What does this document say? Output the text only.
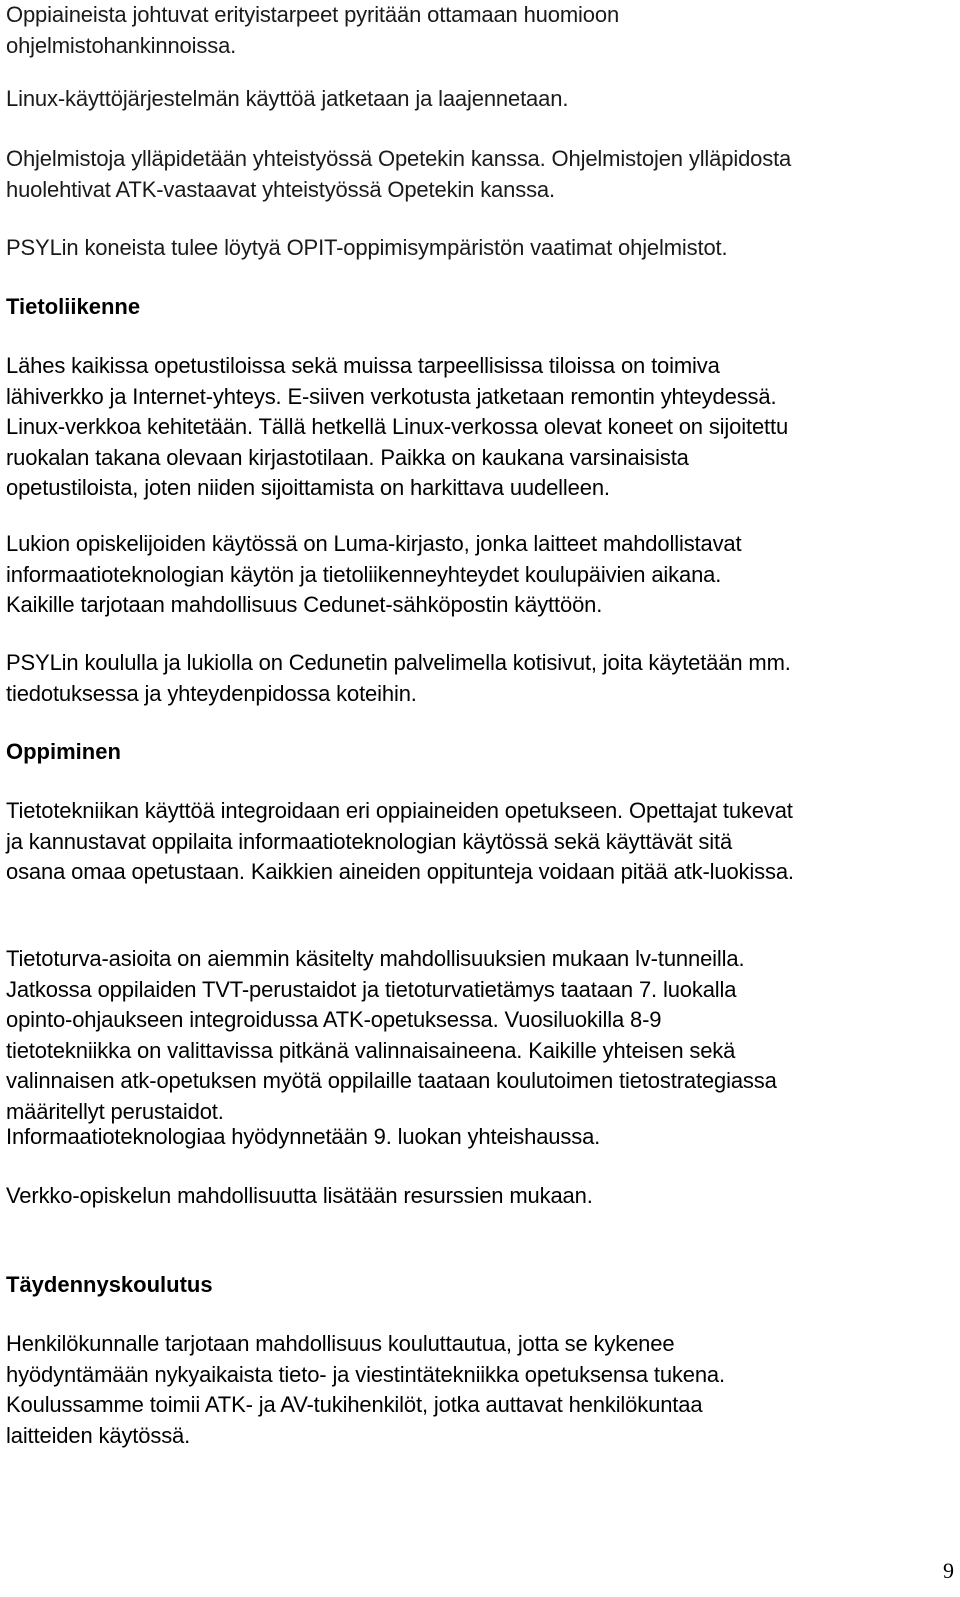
Oppiaineista johtuvat erityistarpeet pyritään ottamaan huomioon
ohjelmistohankinnoissa.
Linux-käyttöjärjestelmän käyttöä jatketaan ja laajennetaan.
Ohjelmistoja ylläpidetään yhteistyössä Opetekin kanssa. Ohjelmistojen ylläpidosta
huolehtivat ATK-vastaavat yhteistyössä Opetekin kanssa.
PSYLin koneista tulee löytyä OPIT-oppimisympäristön vaatimat ohjelmistot.
Tietoliikenne
Lähes kaikissa opetustiloissa sekä muissa tarpeellisissa tiloissa on toimiva
lähiverkko ja Internet-yhteys. E-siiven verkotusta jatketaan remontin yhteydessä.
Linux-verkkoa kehitetään. Tällä hetkellä Linux-verkossa olevat koneet on sijoitettu
ruokalan takana olevaan kirjastotilaan. Paikka on kaukana varsinaisista
opetustiloista, joten niiden sijoittamista on harkittava uudelleen.
Lukion opiskelijoiden käytössä on Luma-kirjasto, jonka laitteet mahdollistavat
informaatioteknologian käytön ja tietoliikenneyhteydet koulupäivien aikana.
Kaikille tarjotaan mahdollisuus Cedunet-sähköpostin käyttöön.
PSYLin koululla ja lukiolla on Cedunetin palvelimella kotisivut, joita käytetään mm.
tiedotuksessa ja yhteydenpidossa koteihin.
Oppiminen
Tietotekniikan käyttöä integroidaan eri oppiaineiden opetukseen. Opettajat tukevat
ja kannustavat oppilaita informaatioteknologian käytössä sekä käyttävät sitä
osana omaa opetustaan. Kaikkien aineiden oppitunteja voidaan pitää atk-luokissa.
Tietoturva-asioita on aiemmin käsitelty mahdollisuuksien mukaan lv-tunneilla.
Jatkossa oppilaiden TVT-perustaidot ja tietoturvatietämys taataan 7. luokalla
opinto-ohjaukseen integroidussa ATK-opetuksessa. Vuosiluokilla 8-9
tietotekniikka on valittavissa pitkänä valinnaisaineena. Kaikille yhteisen sekä
valinnaisen atk-opetuksen myötä oppilaille taataan koulutoimen tietostrategiassa
määritellyt perustaidot.
Informaatioteknologiaa hyödynnetään 9. luokan yhteishaussa.
Verkko-opiskelun mahdollisuutta lisätään resurssien mukaan.
Täydennyskoulutus
Henkilökunnalle tarjotaan mahdollisuus kouluttautua, jotta se kykenee
hyödyntämään nykyaikaista tieto- ja viestintätekniikka opetuksensa tukena.
Koulussamme toimii ATK- ja AV-tukihenkilöt, jotka auttavat henkilökuntaa
laitteiden käytössä.
9
